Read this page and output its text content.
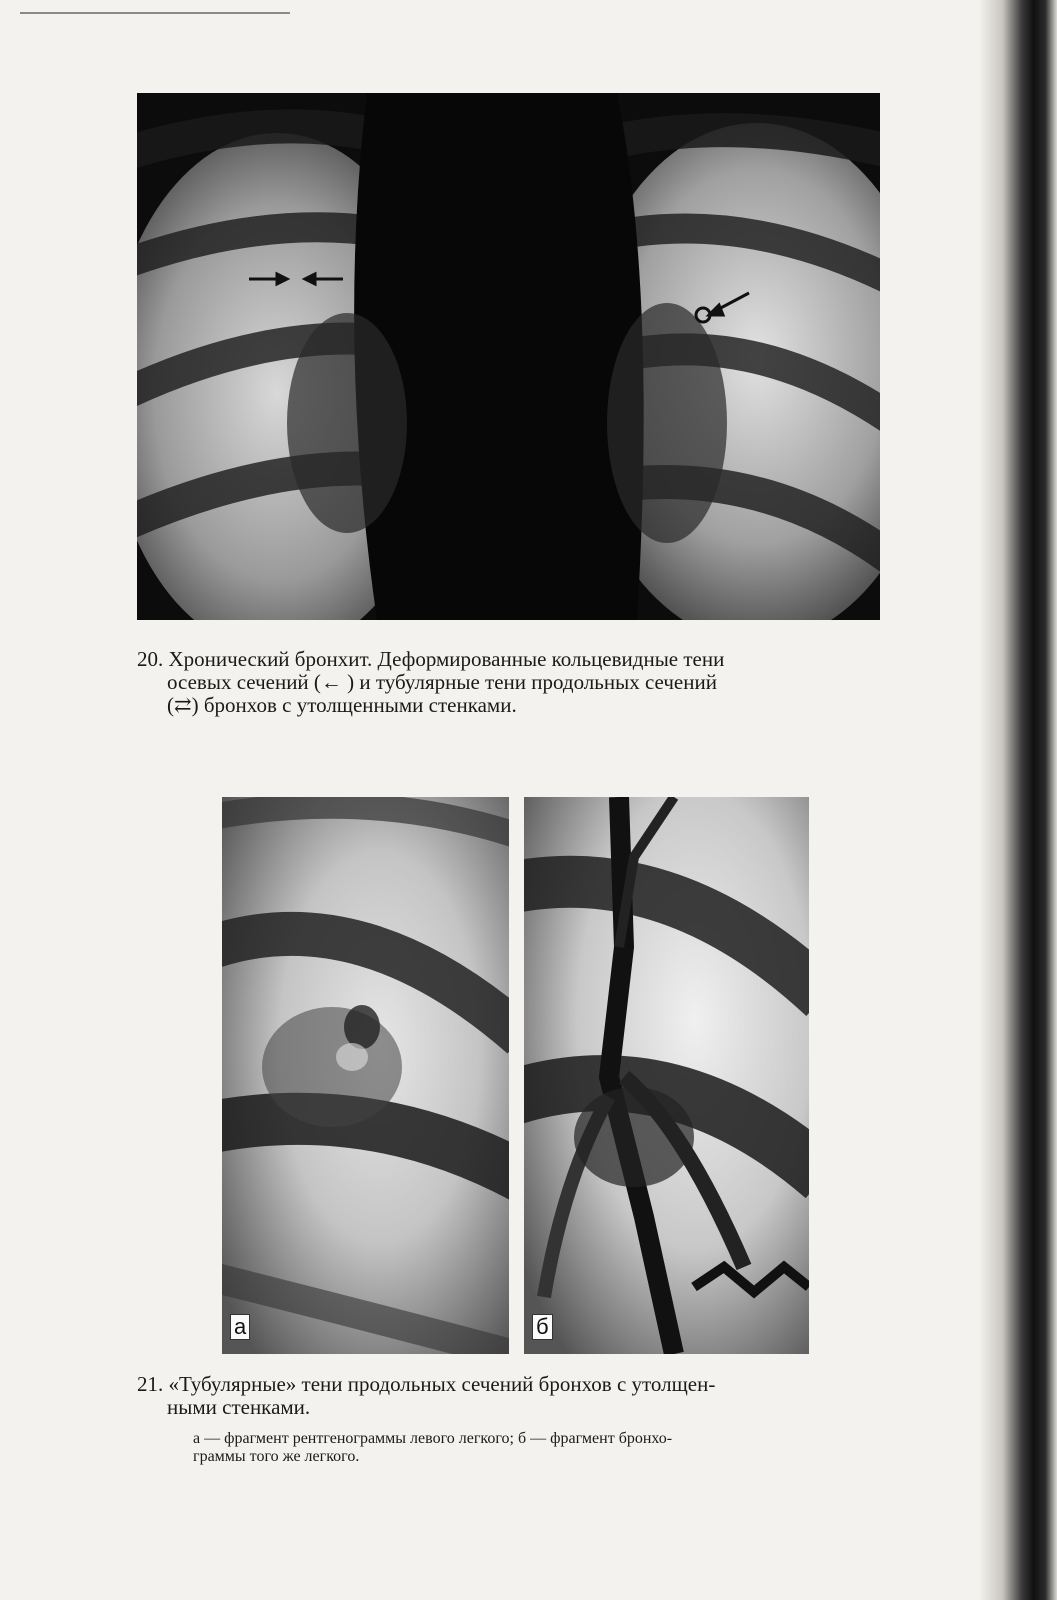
20. Хронический бронхит. Деформированные кольцевидные тени
осевых сечений (← ) и тубулярные тени продольных сечений
(⇄) бронхов с утолщенными стенками.
а	б
21. «Тубулярные» тени продольных сечений бронхов с утолщен-
ными стенками.
а — фрагмент рентгенограммы левого легкого; б — фрагмент бронхо-
граммы того же легкого.
